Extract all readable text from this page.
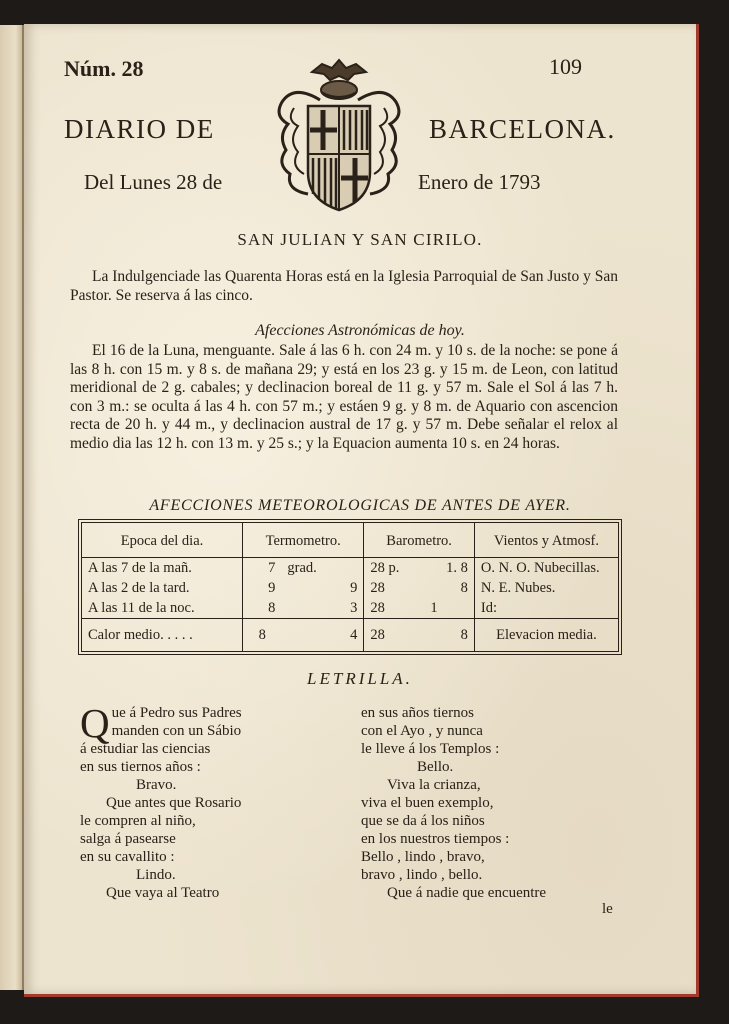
Núm. 28	109
DIARIO DE	BARCELONA.
Del Lunes 28 de	Enero de 1793
SAN JULIAN Y SAN CIRILO.
La Indulgenciade las Quarenta Horas está en la Iglesia Parroquial de San Justo y San Pastor. Se reserva á las cinco.
Afecciones Astronómicas de hoy.
El 16 de la Luna, menguante. Sale á las 6 h. con 24 m. y 10 s. de la noche: se pone á las 8 h. con 15 m. y 8 s. de mañana 29; y está en los 23 g. y 15 m. de Leon, con latitud meridional de 2 g. cabales; y declinacion boreal de 11 g. y 57 m. Sale el Sol á las 7 h. con 3 m.: se oculta á las 4 h. con 57 m.; y estáen 9 g. y 8 m. de Aquario con ascencion recta de 20 h. y 44 m., y declinacion austral de 17 g. y 57 m. Debe señalar el relox al medio dia las 12 h. con 13 m. y 25 s.; y la Equacion aumenta 10 s. en 24 horas.
AFECCIONES METEOROLOGICAS DE ANTES DE AYER.
Epoca del dia.	Termometro.		Barometro.		Vientos y Atmosf.
A las 7 de la mañ.	7	grad.	28 p.	1. 8	O. N. O. Nubecillas.
A las 2 de la tard.	9	9	28	8	N. E. Nubes.
A las 11 de la noc.	8	3	28	1	Id:
Calor medio. . . . .	8	4	28	8	Elevacion media.
LETRILLA.
Que á Pedro sus Padres
manden con un Sábio
á estudiar las ciencias
en sus tiernos años :
Bravo.
Que antes que Rosario
le compren al niño,
salga á pasearse
en su cavallito :
Lindo.
Que vaya al Teatro
en sus años tiernos
con el Ayo , y nunca
le lleve á los Templos :
Bello.
Viva la crianza,
viva el buen exemplo,
que se da á los niños
en los nuestros tiempos :
Bello , lindo , bravo,
bravo , lindo , bello.
Que á nadie que encuentre
le
